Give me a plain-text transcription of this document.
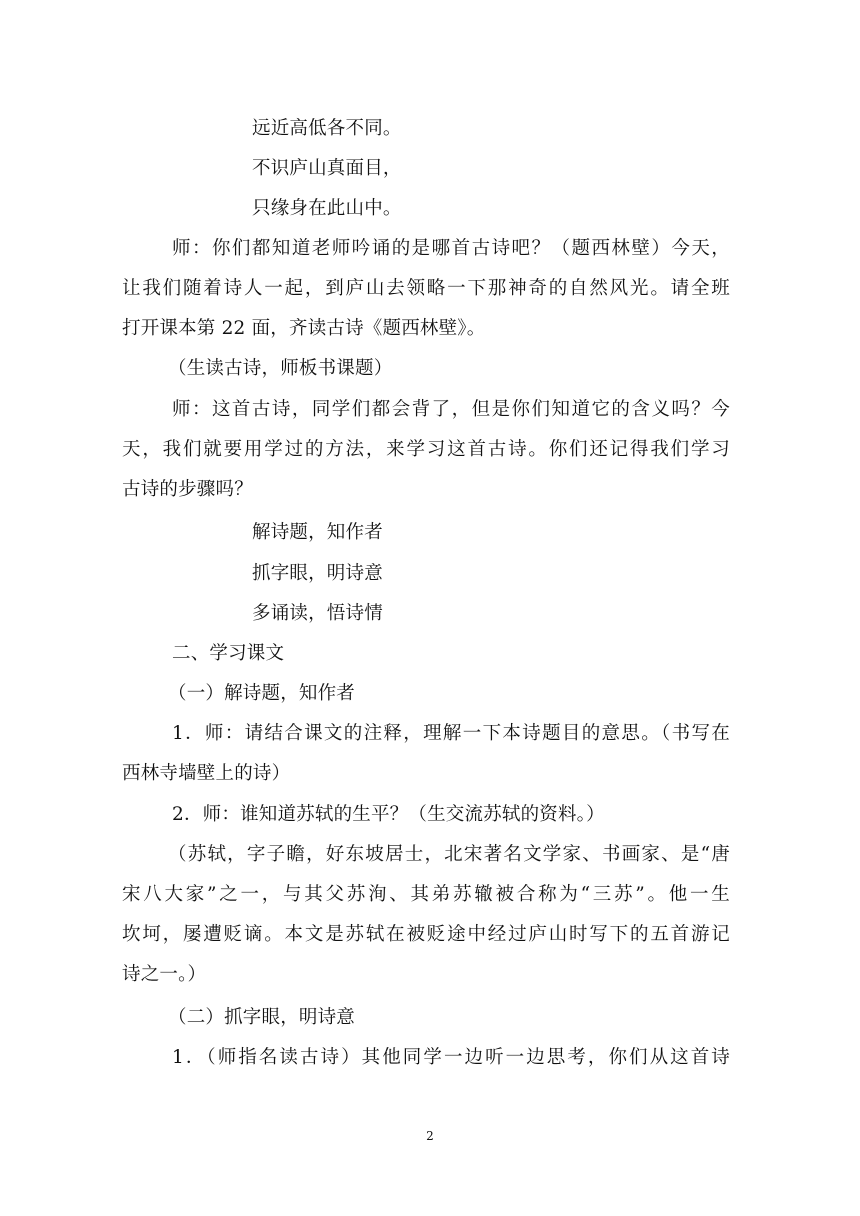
远近高低各不同。
不识庐山真面目，
只缘身在此山中。
师：你们都知道老师吟诵的是哪首古诗吧？（题西林壁）今天，
让我们随着诗人一起，到庐山去领略一下那神奇的自然风光。请全班
打开课本第 22 面，齐读古诗《题西林壁》。
（生读古诗，师板书课题）
师：这首古诗，同学们都会背了，但是你们知道它的含义吗？今
天，我们就要用学过的方法，来学习这首古诗。你们还记得我们学习
古诗的步骤吗？
解诗题，知作者
抓字眼，明诗意
多诵读，悟诗情
二、学习课文
（一）解诗题，知作者
1．师：请结合课文的注释，理解一下本诗题目的意思。（书写在
西林寺墙壁上的诗）
2．师：谁知道苏轼的生平？（生交流苏轼的资料。）
（苏轼，字子瞻，好东坡居士，北宋著名文学家、书画家、是“唐
宋八大家”之一，与其父苏洵、其弟苏辙被合称为“三苏”。他一生
坎坷，屡遭贬谪。本文是苏轼在被贬途中经过庐山时写下的五首游记
诗之一。）
（二）抓字眼，明诗意
1．（师指名读古诗）其他同学一边听一边思考，你们从这首诗
2
